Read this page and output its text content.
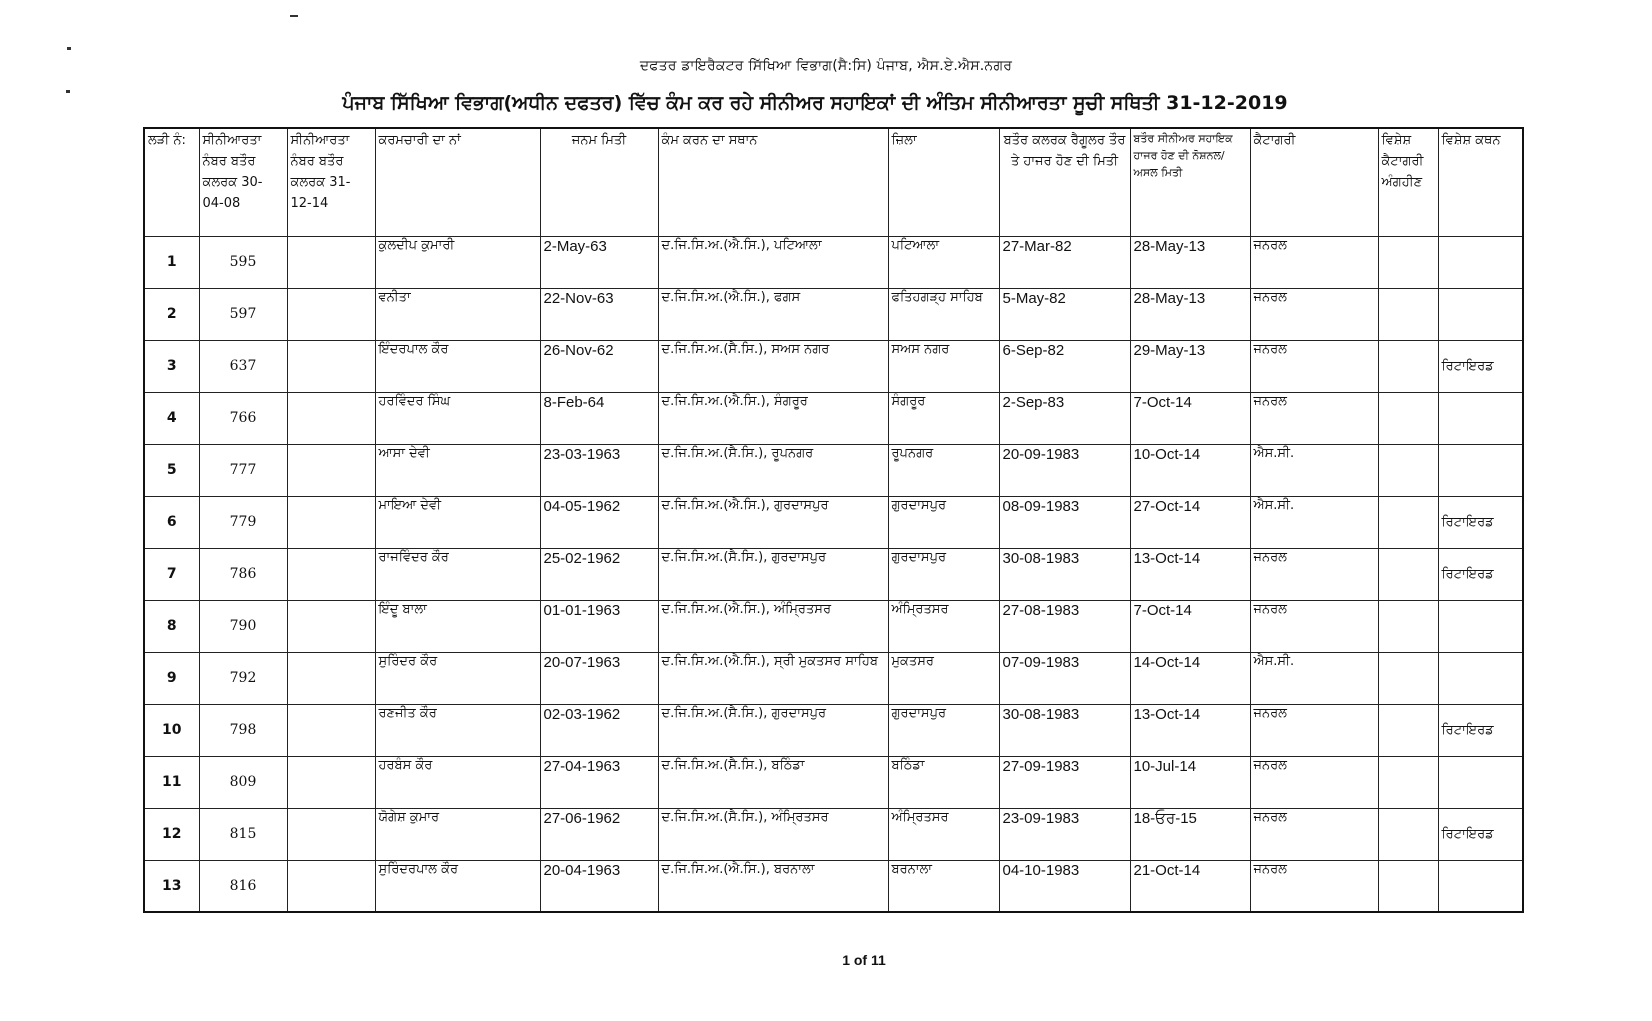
ਦਫਤਰ ਡਾਇਰੈਕਟਰ ਸਿੱਖਿਆ ਵਿਭਾਗ(ਸੈ:ਸਿ) ਪੰਜਾਬ, ਐਸ.ਏ.ਐਸ.ਨਗਰ
ਪੰਜਾਬ ਸਿੱਖਿਆ ਵਿਭਾਗ(ਅਧੀਨ ਦਫਤਰ) ਵਿੱਚ ਕੰਮ ਕਰ ਰਹੇ ਸੀਨੀਅਰ ਸਹਾਇਕਾਂ ਦੀ ਅੰਤਿਮ ਸੀਨੀਆਰਤਾ ਸੂਚੀ ਸਥਿਤੀ 31-12-2019
ਲੜੀ ਨੰ:	ਸੀਨੀਆਰਤਾ ਨੰਬਰ ਬਤੌਰ ਕਲਰਕ 30-04-08	ਸੀਨੀਆਰਤਾ ਨੰਬਰ ਬਤੌਰ ਕਲਰਕ 31-12-14	ਕਰਮਚਾਰੀ ਦਾ ਨਾਂ	ਜਨਮ ਮਿਤੀ	ਕੰਮ ਕਰਨ ਦਾ ਸਥਾਨ	ਜ਼ਿਲਾ	ਬਤੌਰ ਕਲਰਕ ਰੈਗੂਲਰ ਤੌਰ ਤੇ ਹਾਜਰ ਹੋਣ ਦੀ ਮਿਤੀ	ਬਤੌਰ ਸੀਨੀਅਰ ਸਹਾਇਕ ਹਾਜਰ ਹੋਣ ਦੀ ਨੋਸ਼ਨਲ/ਅਸਲ ਮਿਤੀ	ਕੈਟਾਗਰੀ	ਵਿਸ਼ੇਸ਼ ਕੈਟਾਗਰੀ ਅੰਗਹੀਣ	ਵਿਸ਼ੇਸ਼ ਕਥਨ
1	595		ਕੁਲਦੀਪ ਕੁਮਾਰੀ	2-May-63	ਦ.ਜਿ.ਸਿ.ਅ.(ਐ.ਸਿ.), ਪਟਿਆਲਾ	ਪਟਿਆਲਾ	27-Mar-82	28-May-13	ਜਨਰਲ		
2	597		ਵਨੀਤਾ	22-Nov-63	ਦ.ਜਿ.ਸਿ.ਅ.(ਐ.ਸਿ.), ਫਗਸ	ਫਤਿਹਗੜ੍ਹ ਸਾਹਿਬ	5-May-82	28-May-13	ਜਨਰਲ		
3	637		ਇੰਦਰਪਾਲ ਕੌਰ	26-Nov-62	ਦ.ਜਿ.ਸਿ.ਅ.(ਸੈ.ਸਿ.), ਸਅਸ ਨਗਰ	ਸਅਸ ਨਗਰ	6-Sep-82	29-May-13	ਜਨਰਲ		ਰਿਟਾਇਰਡ
4	766		ਹਰਵਿੰਦਰ ਸਿੰਘ	8-Feb-64	ਦ.ਜਿ.ਸਿ.ਅ.(ਐ.ਸਿ.), ਸੰਗਰੂਰ	ਸੰਗਰੂਰ	2-Sep-83	7-Oct-14	ਜਨਰਲ		
5	777		ਆਸਾ ਦੇਵੀ	23-03-1963	ਦ.ਜਿ.ਸਿ.ਅ.(ਸੈ.ਸਿ.), ਰੂਪਨਗਰ	ਰੂਪਨਗਰ	20-09-1983	10-Oct-14	ਐਸ.ਸੀ.		
6	779		ਮਾਇਆ ਦੇਵੀ	04-05-1962	ਦ.ਜਿ.ਸਿ.ਅ.(ਐ.ਸਿ.), ਗੁਰਦਾਸਪੁਰ	ਗੁਰਦਾਸਪੁਰ	08-09-1983	27-Oct-14	ਐਸ.ਸੀ.		ਰਿਟਾਇਰਡ
7	786		ਰਾਜਵਿੰਦਰ ਕੌਰ	25-02-1962	ਦ.ਜਿ.ਸਿ.ਅ.(ਸੈ.ਸਿ.), ਗੁਰਦਾਸਪੁਰ	ਗੁਰਦਾਸਪੁਰ	30-08-1983	13-Oct-14	ਜਨਰਲ		ਰਿਟਾਇਰਡ
8	790		ਇੰਦੂ ਬਾਲਾ	01-01-1963	ਦ.ਜਿ.ਸਿ.ਅ.(ਐ.ਸਿ.), ਅੰਮ੍ਰਿਤਸਰ	ਅੰਮ੍ਰਿਤਸਰ	27-08-1983	7-Oct-14	ਜਨਰਲ		
9	792		ਸੁਰਿੰਦਰ ਕੌਰ	20-07-1963	ਦ.ਜਿ.ਸਿ.ਅ.(ਐ.ਸਿ.), ਸ੍ਰੀ ਮੁਕਤਸਰ ਸਾਹਿਬ	ਮੁਕਤਸਰ	07-09-1983	14-Oct-14	ਐਸ.ਸੀ.		
10	798		ਰਣਜੀਤ ਕੌਰ	02-03-1962	ਦ.ਜਿ.ਸਿ.ਅ.(ਸੈ.ਸਿ.), ਗੁਰਦਾਸਪੁਰ	ਗੁਰਦਾਸਪੁਰ	30-08-1983	13-Oct-14	ਜਨਰਲ		ਰਿਟਾਇਰਡ
11	809		ਹਰਬੰਸ ਕੌਰ	27-04-1963	ਦ.ਜਿ.ਸਿ.ਅ.(ਸੈ.ਸਿ.), ਬਠਿੰਡਾ	ਬਠਿੰਡਾ	27-09-1983	10-Jul-14	ਜਨਰਲ		
12	815		ਯੋਗੇਸ਼ ਕੁਮਾਰ	27-06-1962	ਦ.ਜਿ.ਸਿ.ਅ.(ਸੈ.ਸਿ.), ਅੰਮ੍ਰਿਤਸਰ	ਅੰਮ੍ਰਿਤਸਰ	23-09-1983	18-ਓਰ-15	ਜਨਰਲ		ਰਿਟਾਇਰਡ
13	816		ਸੁਰਿੰਦਰਪਾਲ ਕੌਰ	20-04-1963	ਦ.ਜਿ.ਸਿ.ਅ.(ਐ.ਸਿ.), ਬਰਨਾਲਾ	ਬਰਨਾਲਾ	04-10-1983	21-Oct-14	ਜਨਰਲ		
1 of 11
